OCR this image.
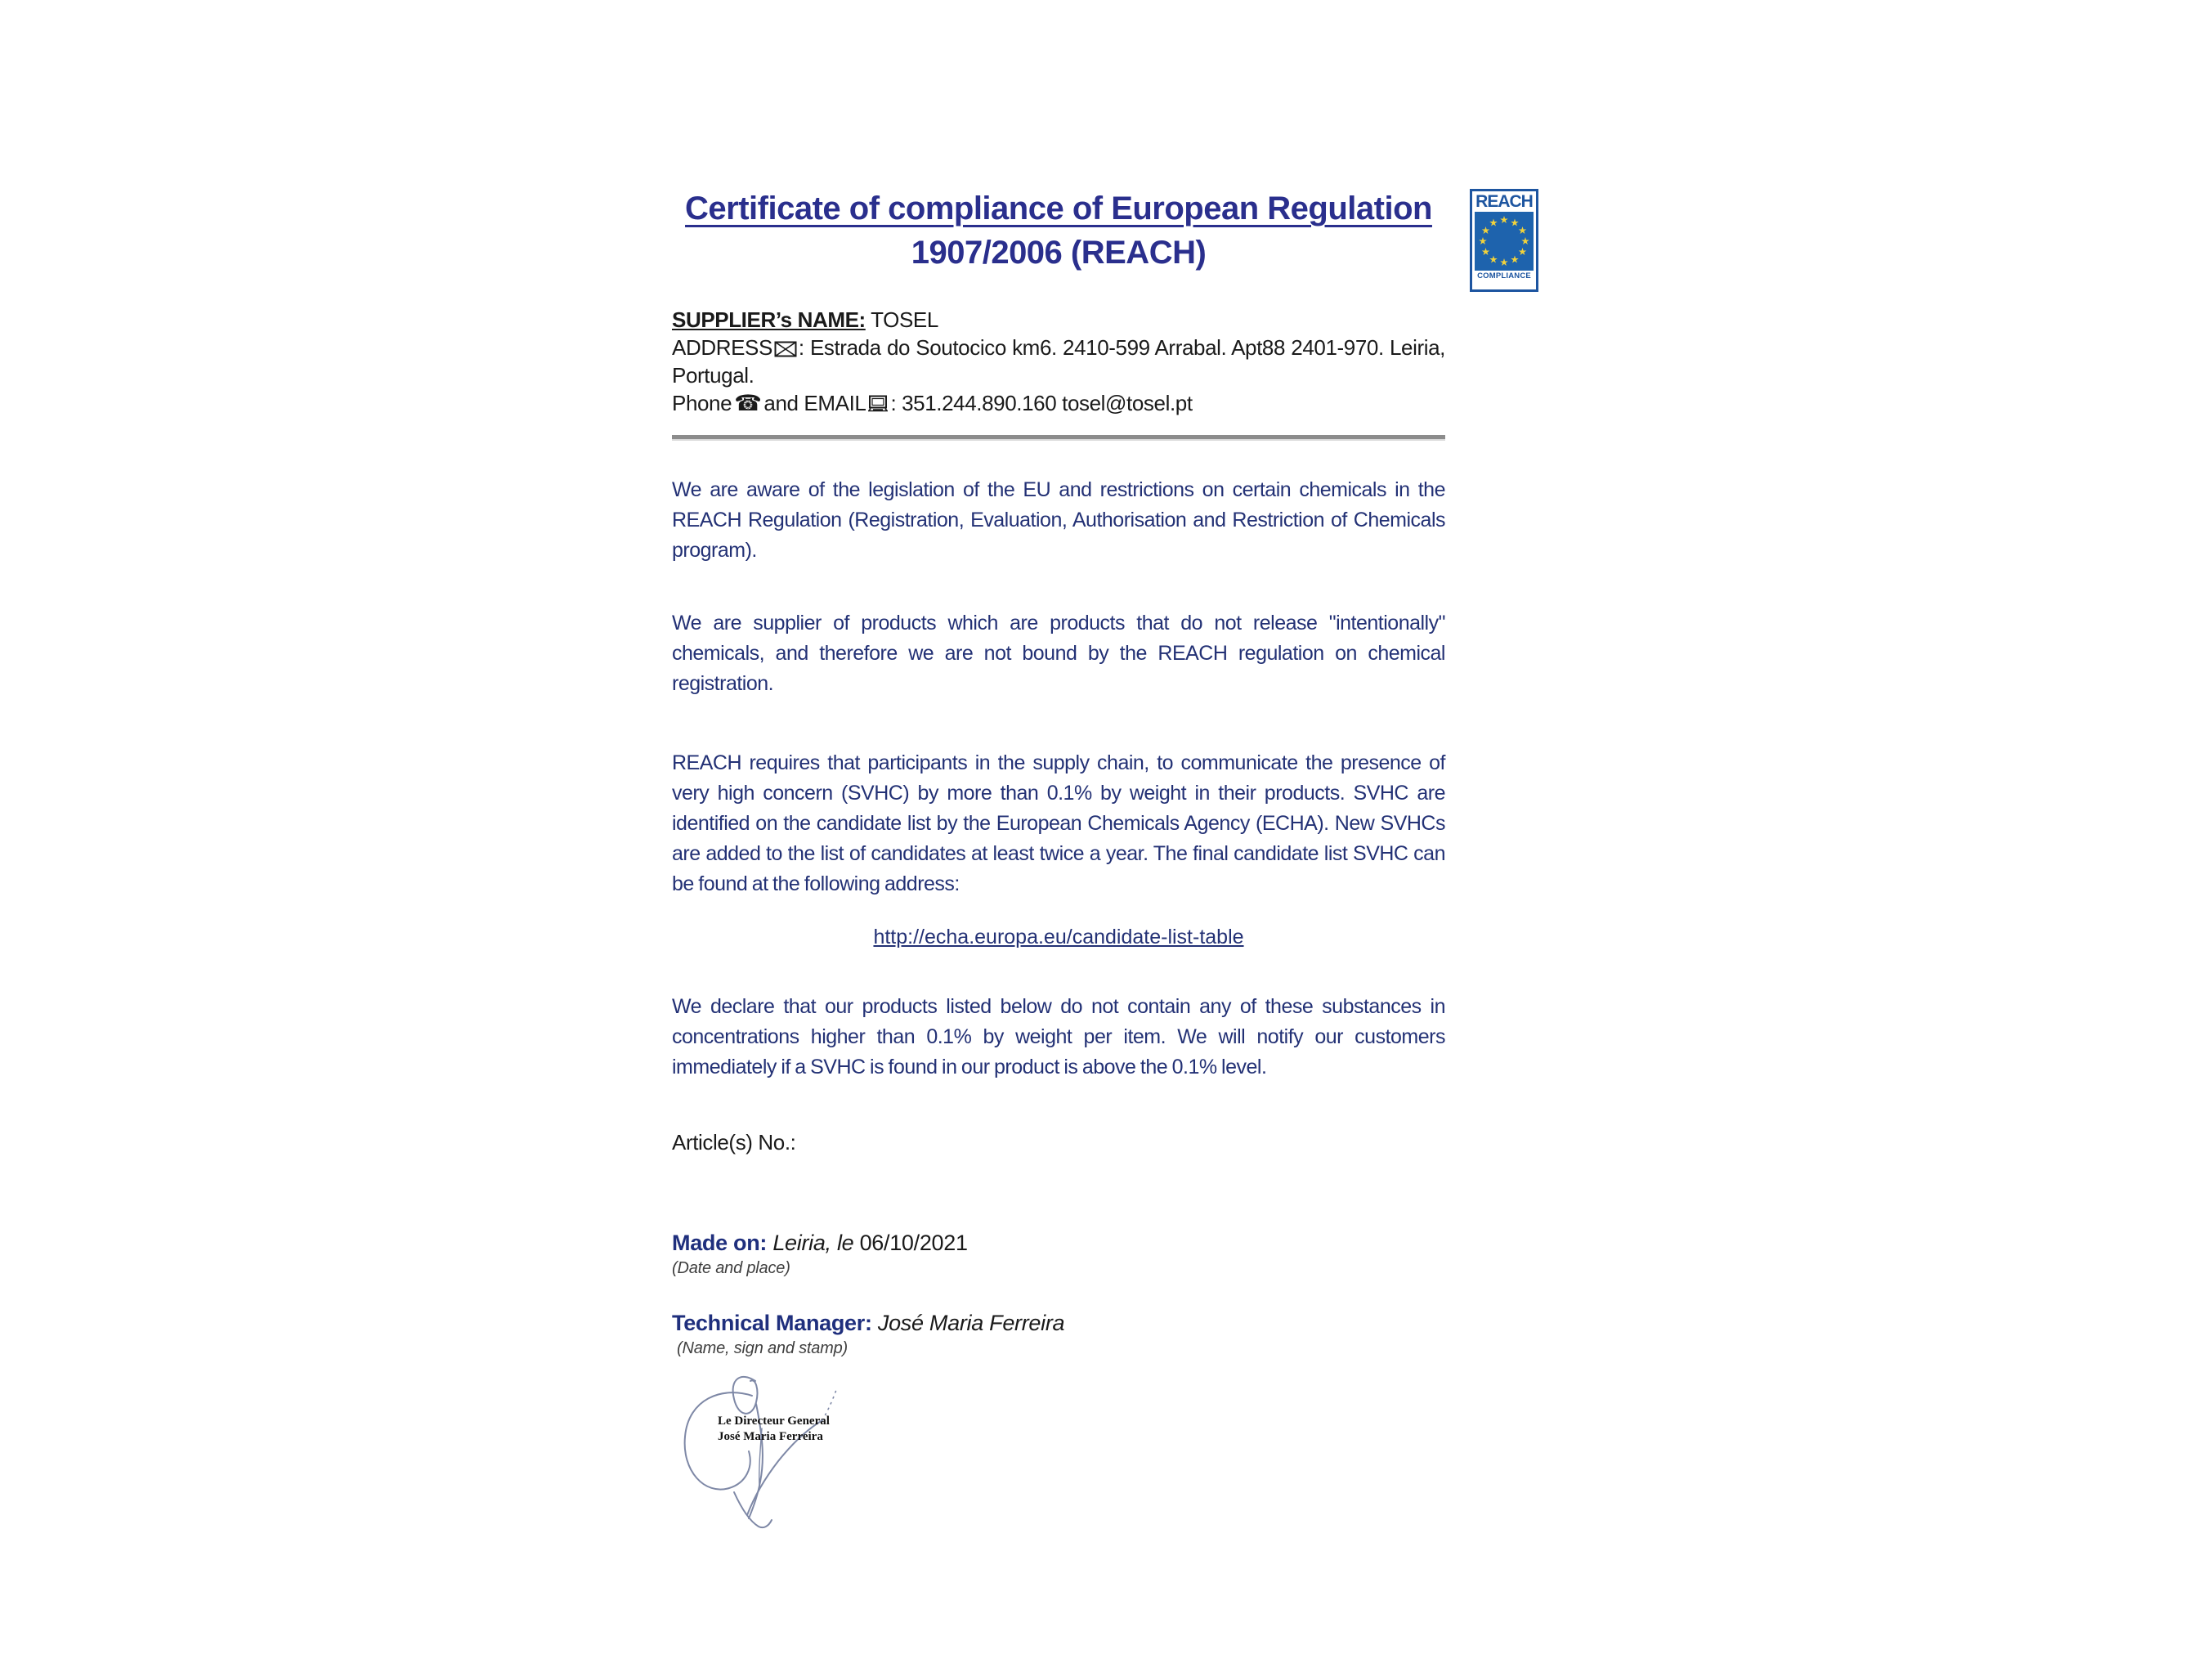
REACH
COMPLIANCE
Certificate of compliance of European Regulation
1907/2006 (REACH)

SUPPLIER’s NAME: TOSEL

ADDRESS : Estrada do Soutocico km6. 2410-599 Arrabal. Apt88 2401-970. Leiria, Portugal.

Phone ☎ and EMAIL : 351.244.890.160 tosel@tosel.pt

We are aware of the legislation of the EU and restrictions on certain chemicals in the REACH Regulation (Registration, Evaluation, Authorisation and Restriction of Chemicals program).

We are supplier of products which are products that do not release "intentionally" chemicals, and therefore we are not bound by the REACH regulation on chemical registration.

REACH requires that participants in the supply chain, to communicate the presence of very high concern (SVHC) by more than 0.1% by weight in their products. SVHC are identified on the candidate list by the European Chemicals Agency (ECHA). New SVHCs are added to the list of candidates at least twice a year. The final candidate list SVHC can be found at the following address:

http://echa.europa.eu/candidate-list-table

We declare that our products listed below do not contain any of these substances in concentrations higher than 0.1% by weight per item. We will notify our customers immediately if a SVHC is found in our product is above the 0.1% level.

Article(s) No.:

Made on: Leiria, le 06/10/2021

(Date and place)

Technical Manager: José Maria Ferreira

(Name, sign and stamp)

Le Directeur General
José Maria Ferreira
